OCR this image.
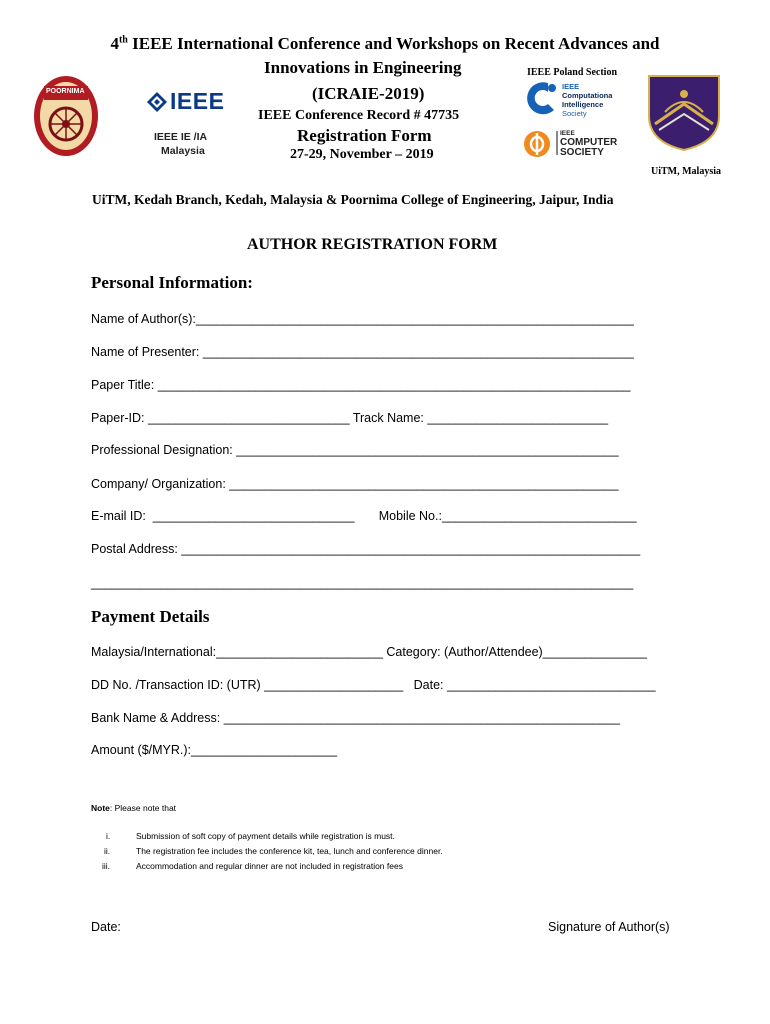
4th IEEE International Conference and Workshops on Recent Advances and
Innovations in Engineering
(ICRAIE-2019)
IEEE Conference Record # 47735
Registration Form
27-29, November – 2019
POORNIMA	IEEE
IEEE IE /IA
Malaysia
IEEE Poland Section
IEEE
Computationa
Intelligence
Society
IEEE
COMPUTER
SOCIETY
UiTM, Malaysia
UiTM, Kedah Branch, Kedah, Malaysia & Poornima College of Engineering, Jaipur, India
AUTHOR REGISTRATION FORM
Personal Information:
Name of Author(s):_______________________________________________________________
Name of Presenter: ______________________________________________________________
Paper Title: ____________________________________________________________________
Paper-ID: _____________________________ Track Name: __________________________
Professional Designation: _______________________________________________________
Company/ Organization: ________________________________________________________
E-mail ID:  _____________________________       Mobile No.:____________________________
Postal Address: __________________________________________________________________
______________________________________________________________________________
Payment Details
Malaysia/International:________________________ Category: (Author/Attendee)_______________
DD No. /Transaction ID: (UTR) ____________________   Date: ______________________________
Bank Name & Address: _________________________________________________________
Amount ($/MYR.):_____________________
Note: Please note that
i.	Submission of soft copy of payment details while registration is must.
ii.	The registration fee includes the conference kit, tea, lunch and conference dinner.
iii.	Accommodation and regular dinner are not included in registration fees
Date:	Signature of Author(s)
